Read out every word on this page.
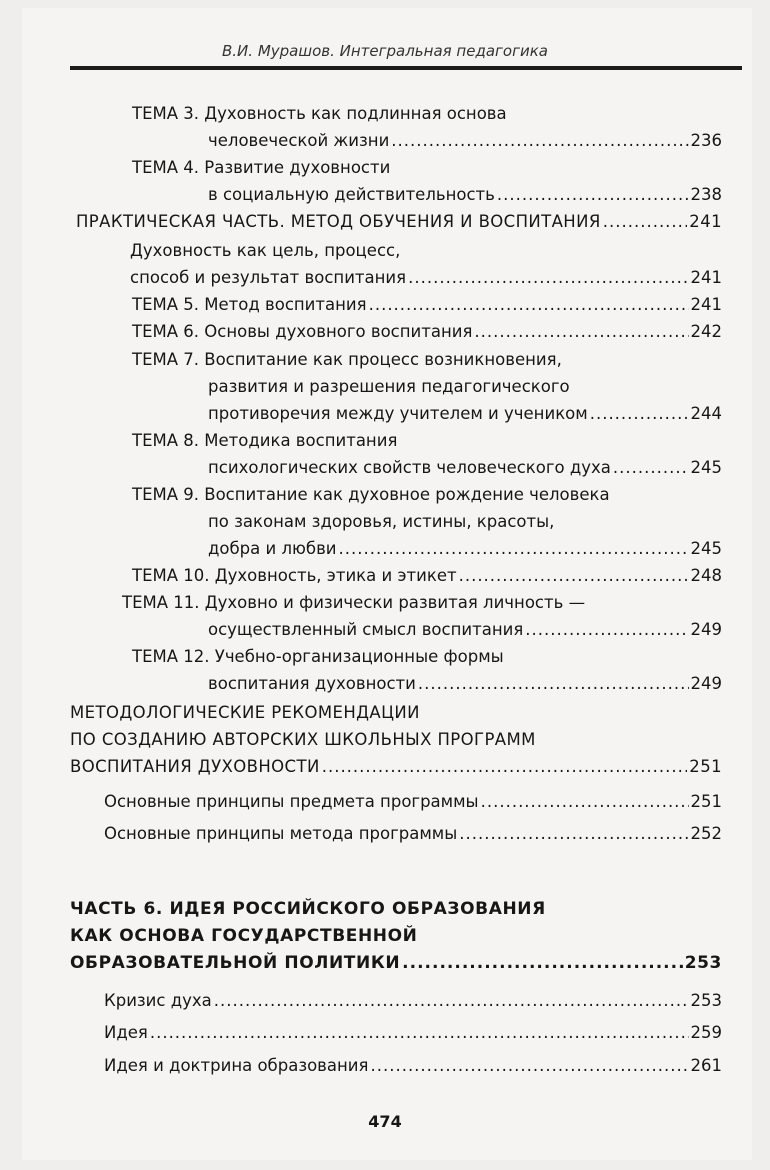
В.И. Мурашов. Интегральная педагогика
ТЕМА 3. Духовность как подлинная основа
человеческой жизни .....	236
ТЕМА 4. Развитие духовности
в социальную действительность .....	238
ПРАКТИЧЕСКАЯ ЧАСТЬ. МЕТОД ОБУЧЕНИЯ И ВОСПИТАНИЯ .....	241
Духовность как цель, процесс,
способ и результат воспитания .....	241
ТЕМА 5. Метод воспитания .....	241
ТЕМА 6. Основы духовного воспитания .....	242
ТЕМА 7. Воспитание как процесс возникновения,
развития и разрешения педагогического
противоречия между учителем и учеником .....	244
ТЕМА 8. Методика воспитания
психологических свойств человеческого духа .....	245
ТЕМА 9. Воспитание как духовное рождение человека
по законам здоровья, истины, красоты,
добра и любви .....	245
ТЕМА 10. Духовность, этика и этикет .....	248
ТЕМА 11. Духовно и физически развитая личность —
осуществленный смысл воспитания .....	249
ТЕМА 12. Учебно-организационные формы
воспитания духовности .....	249
МЕТОДОЛОГИЧЕСКИЕ РЕКОМЕНДАЦИИ
ПО СОЗДАНИЮ АВТОРСКИХ ШКОЛЬНЫХ ПРОГРАММ
ВОСПИТАНИЯ ДУХОВНОСТИ .....	251
Основные принципы предмета программы .....	251
Основные принципы метода программы .....	252
ЧАСТЬ 6. ИДЕЯ РОССИЙСКОГО ОБРАЗОВАНИЯ
КАК ОСНОВА ГОСУДАРСТВЕННОЙ
ОБРАЗОВАТЕЛЬНОЙ ПОЛИТИКИ .....	253
Кризис духа .....	253
Идея .....	259
Идея и доктрина образования .....	261
474
